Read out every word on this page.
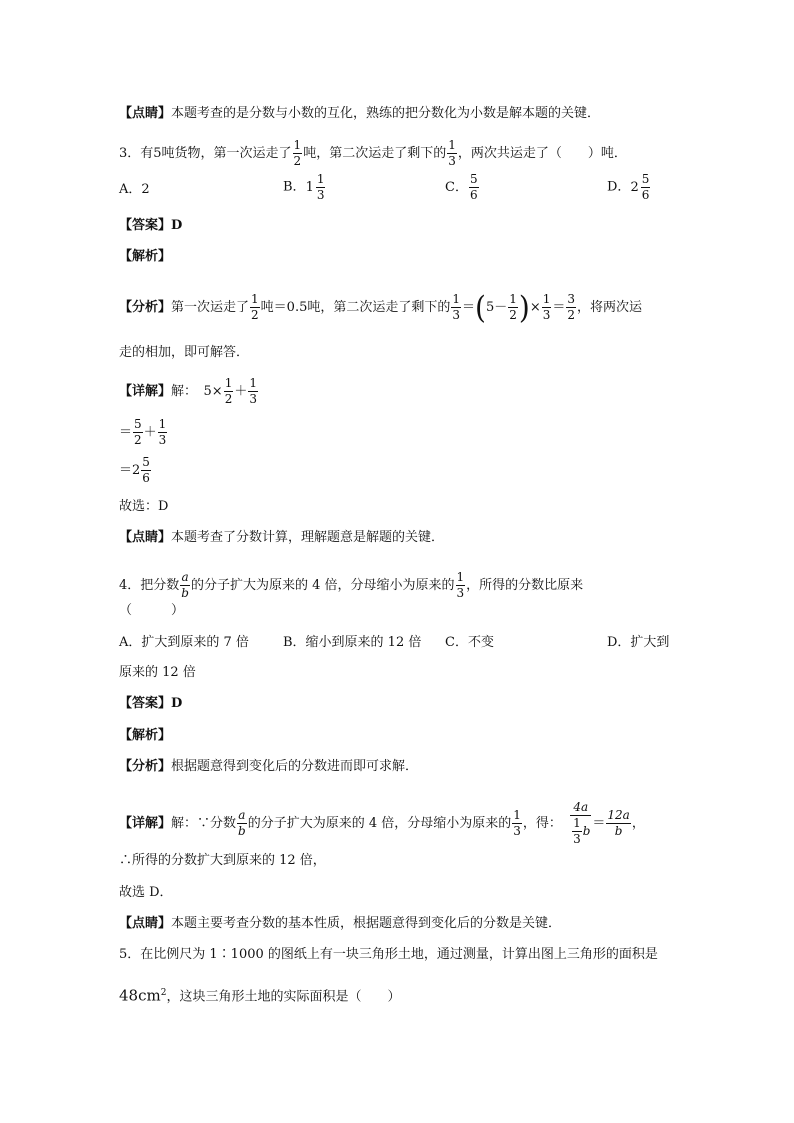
【点睛】本题考查的是分数与小数的互化，熟练的把分数化为小数是解本题的关键．
3．有5吨货物，第一次运走了 $\frac{1}{2}$ 吨，第二次运走了剩下的 $\frac{1}{3}$ ，两次共运走了（　　）吨．
A．2	B． $1 \frac{1}{3}$	C． $\frac{5}{6}$	D． $2 \frac{5}{6}$
【答案】D
【解析】
【分析】第一次运走了 $\frac{1}{2}$ 吨＝0.5吨，第二次运走了剩下的 $\frac{1}{3} =(5- \frac{1}{2}$ )× $\frac{1}{3} = \frac{3}{2}$ ，将两次运
走的相加，即可解答．
【详解】解：　$5\times \frac{1}{2} + \frac{1}{3}$
＝ $\frac{5}{2} + \frac{1}{3}$
$=2 \frac{5}{6}$
故选：D
【点睛】本题考查了分数计算，理解题意是解题的关键．
4．把分数 $\frac{a}{b}$ 的分子扩大为原来的 4 倍，分母缩小为原来的 $\frac{1}{3}$ ，所得的分数比原来
（　　　）
A．扩大到原来的 7 倍	B．缩小到原来的 12 倍 C．不变	D．扩大到
原来的 12 倍
【答案】D
【解析】
【分析】根据题意得到变化后的分数进而即可求解．
【详解】解：∵分数 $\frac{a}{b}$ 的分子扩大为原来的 4 倍，分母缩小为原来的 $\frac{1}{3}$ ，得： $\frac{4a}{\frac{1}{3} b} = \frac{12a}{b}$ ，
∴所得的分数扩大到原来的 12 倍，
故选 D．
【点睛】本题主要考查分数的基本性质，根据题意得到变化后的分数是关键．
5．在比例尺为 1∶1000 的图纸上有一块三角形土地，通过测量，计算出图上三角形的面积是
$48cm^2$，这块三角形土地的实际面积是（　　）
